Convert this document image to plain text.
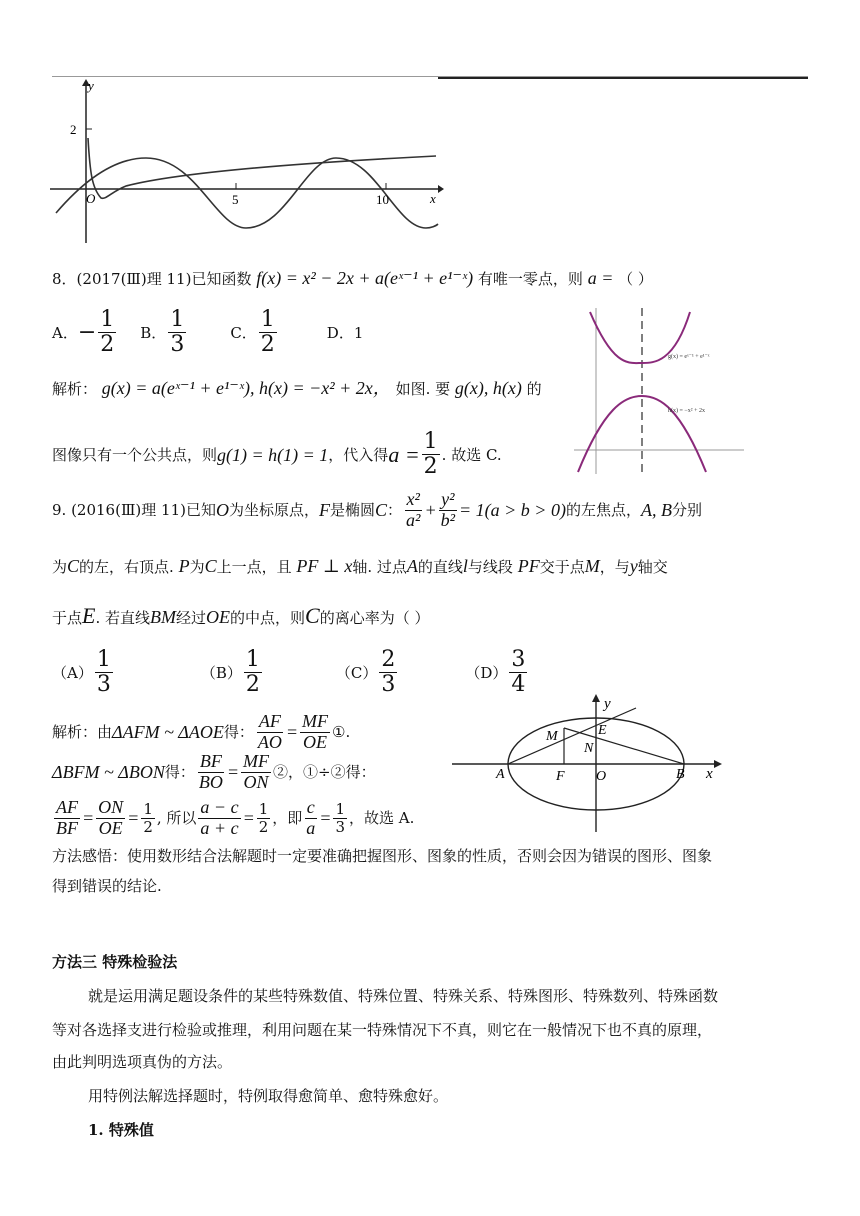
y
x
O
2
5	10
8．(2017(Ⅲ)理 11)已知函数 f(x) = x² − 2x + a(eˣ⁻¹ + e¹⁻ˣ) 有唯一零点，则 a = （ ）
A． − $\frac{1}{2}$ B． $\frac{1}{3}$	C． $\frac{1}{2}$	D．1
解析： g(x) = a(eˣ⁻¹ + e¹⁻ˣ), h(x) = −x² + 2x， 如图. 要 g(x), h(x) 的
图像只有一个公共点，则 g(1) = h(1) = 1 ，代入得 $a = \frac{1}{2}$ . 故选 C.
g(x) = eˣ⁻¹ + e¹⁻ˣ
h(x) = −x² + 2x
9. (2016(Ⅲ)理 11)已知 O 为坐标原点， F 是椭圆 C ： $\frac{\text{x²}}{\text{a²}} + \frac{\text{y²}}{\text{b²}} = 1(a > b > 0)$ 的左焦点， A, B 分别
为C的左，右顶点. P为C上一点，且 PF ⊥ x轴. 过点A的直线l与线段 PF交于点M，与y轴交
于点E. 若直线BM经过OE的中点，则C的离心率为（ ）
$(A) \frac{1}{3}$	$(B) \frac{1}{2}$	$(C) \frac{2}{3}$	$(D) \frac{3}{4}$
解析：由 ΔAFM ~ ΔAOE 得： $\frac{AF}{AO} = \frac{MF}{OE}$ ①.
ΔBFM ~ ΔBON 得： $\frac{BF}{BO} = \frac{MF}{ON}$ ②，①÷②得：
$\frac{AF}{BF} = \frac{ON}{OE} = \frac{1}{2}$ , 所以 $\frac{a - c}{a + c} = \frac{1}{2}$ ，即 $\frac{c}{a} = \frac{1}{3}$ ，故选 A.
y
x
M	E
N
A	F O	B
方法感悟：使用数形结合法解题时一定要准确把握图形、图象的性质，否则会因为错误的图形、图象
得到错误的结论.
方法三 特殊检验法
就是运用满足题设条件的某些特殊数值、特殊位置、特殊关系、特殊图形、特殊数列、特殊函数
等对各选择支进行检验或推理，利用问题在某一特殊情况下不真，则它在一般情况下也不真的原理，
由此判明选项真伪的方法。
用特例法解选择题时，特例取得愈简单、愈特殊愈好。
1. 特殊值
